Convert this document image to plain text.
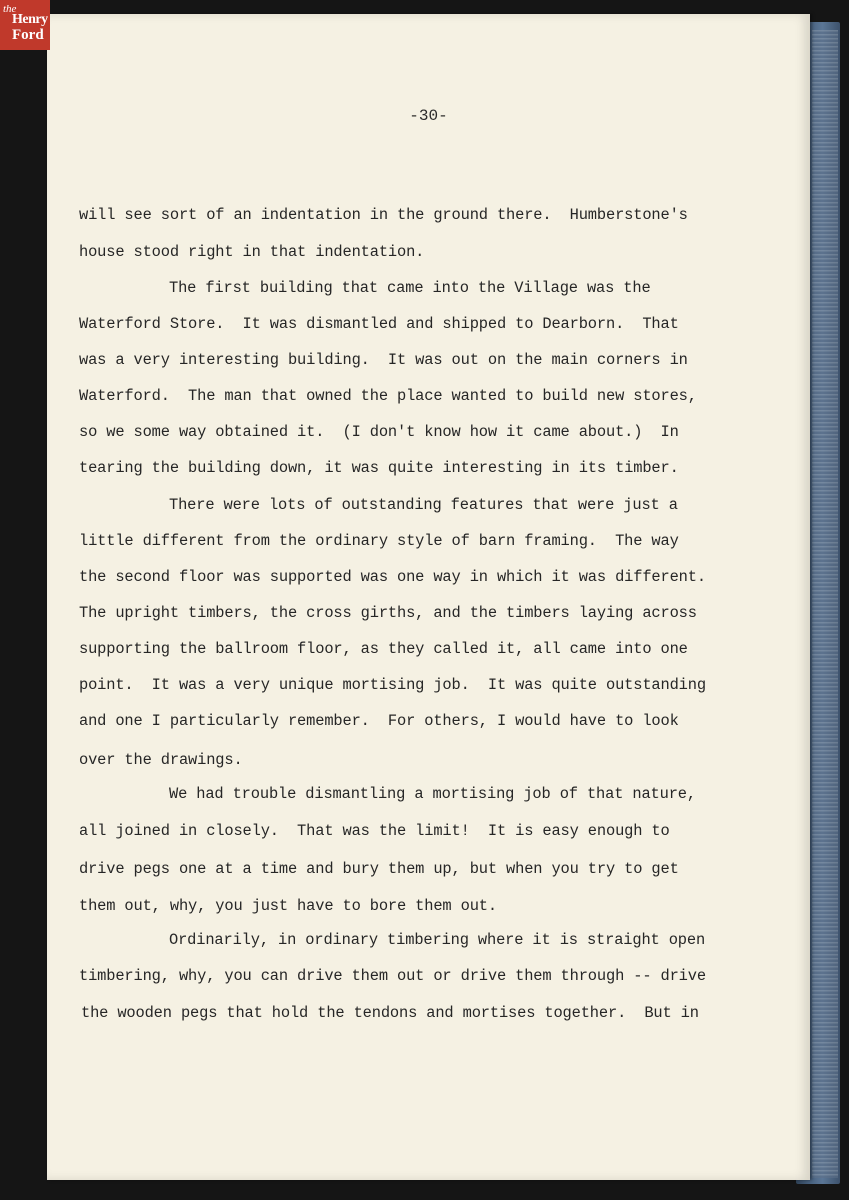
-30-
will see sort of an indentation in the ground there.  Humberstone's
house stood right in that indentation.
The first building that came into the Village was the
Waterford Store.  It was dismantled and shipped to Dearborn.  That
was a very interesting building.  It was out on the main corners in
Waterford.  The man that owned the place wanted to build new stores,
so we some way obtained it.  (I don't know how it came about.)  In
tearing the building down, it was quite interesting in its timber.
There were lots of outstanding features that were just a
little different from the ordinary style of barn framing.  The way
the second floor was supported was one way in which it was different.
The upright timbers, the cross girths, and the timbers laying across
supporting the ballroom floor, as they called it, all came into one
point.  It was a very unique mortising job.  It was quite outstanding
and one I particularly remember.  For others, I would have to look
over the drawings.
We had trouble dismantling a mortising job of that nature,
all joined in closely.  That was the limit!  It is easy enough to
drive pegs one at a time and bury them up, but when you try to get
them out, why, you just have to bore them out.
Ordinarily, in ordinary timbering where it is straight open
timbering, why, you can drive them out or drive them through -- drive
the wooden pegs that hold the tendons and mortises together.  But in
the
Henry
Ford
